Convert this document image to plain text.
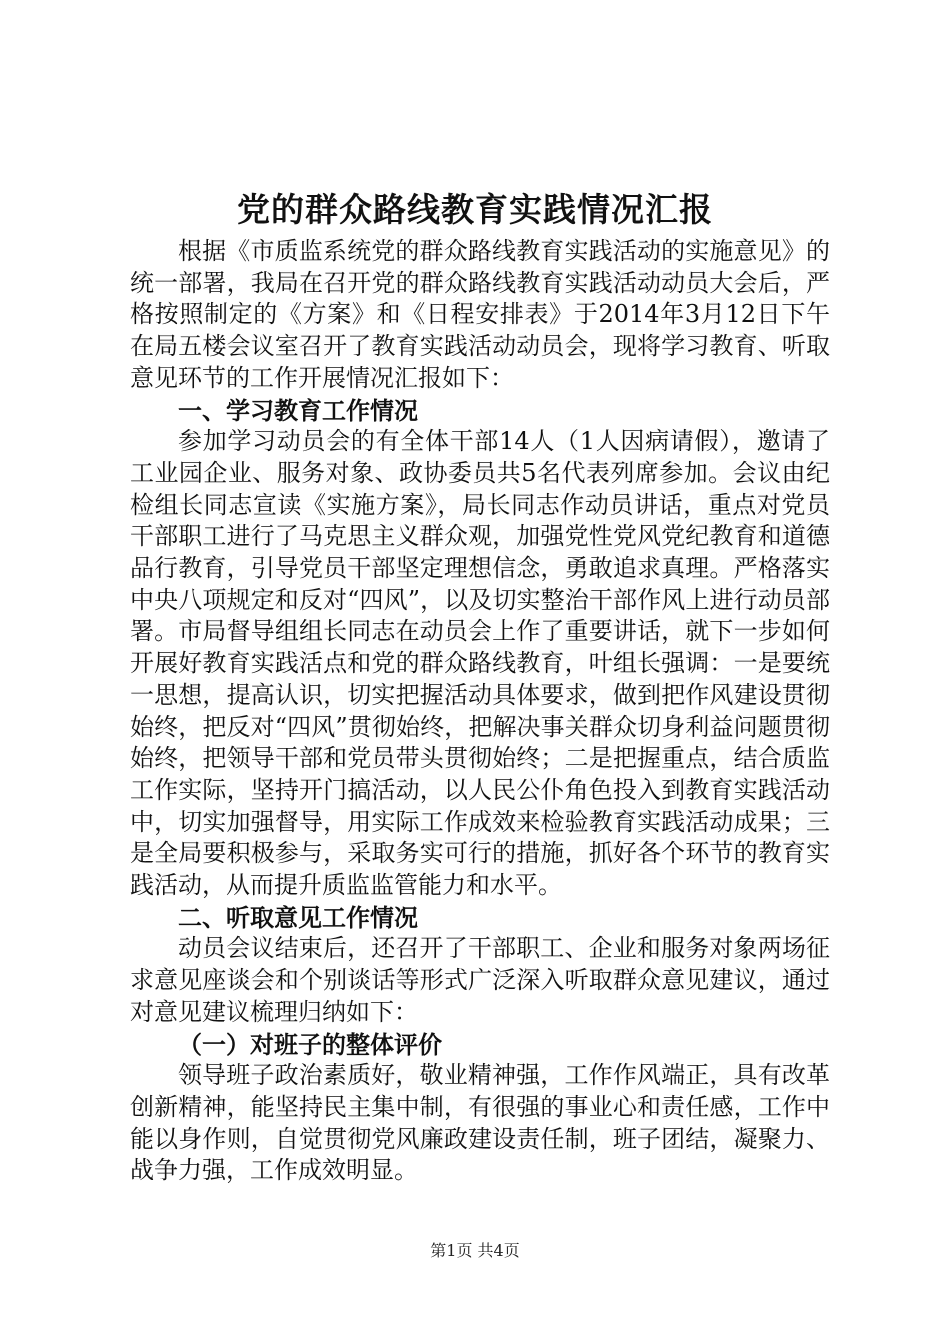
党的群众路线教育实践情况汇报

根据《市质监系统党的群众路线教育实践活动的实施意见》的统一部署，我局在召开党的群众路线教育实践活动动员大会后，严格按照制定的《方案》和《日程安排表》于2014年3月12日下午在局五楼会议室召开了教育实践活动动员会，现将学习教育、听取意见环节的工作开展情况汇报如下：

一、学习教育工作情况

参加学习动员会的有全体干部14人（1人因病请假），邀请了工业园企业、服务对象、政协委员共5名代表列席参加。会议由纪检组长同志宣读《实施方案》，局长同志作动员讲话，重点对党员干部职工进行了马克思主义群众观，加强党性党风党纪教育和道德品行教育，引导党员干部坚定理想信念，勇敢追求真理。严格落实中央八项规定和反对“四风”，以及切实整治干部作风上进行动员部署。市局督导组组长同志在动员会上作了重要讲话，就下一步如何开展好教育实践活点和党的群众路线教育，叶组长强调：一是要统一思想，提高认识，切实把握活动具体要求，做到把作风建设贯彻始终，把反对“四风”贯彻始终，把解决事关群众切身利益问题贯彻始终，把领导干部和党员带头贯彻始终；二是把握重点，结合质监工作实际，坚持开门搞活动，以人民公仆角色投入到教育实践活动中，切实加强督导，用实际工作成效来检验教育实践活动成果；三是全局要积极参与，采取务实可行的措施，抓好各个环节的教育实践活动，从而提升质监监管能力和水平。

二、听取意见工作情况

动员会议结束后，还召开了干部职工、企业和服务对象两场征求意见座谈会和个别谈话等形式广泛深入听取群众意见建议，通过对意见建议梳理归纳如下：

（一）对班子的整体评价

领导班子政治素质好，敬业精神强，工作作风端正，具有改革创新精神，能坚持民主集中制，有很强的事业心和责任感，工作中能以身作则，自觉贯彻党风廉政建设责任制，班子团结，凝聚力、战争力强，工作成效明显。

第1页 共4页
